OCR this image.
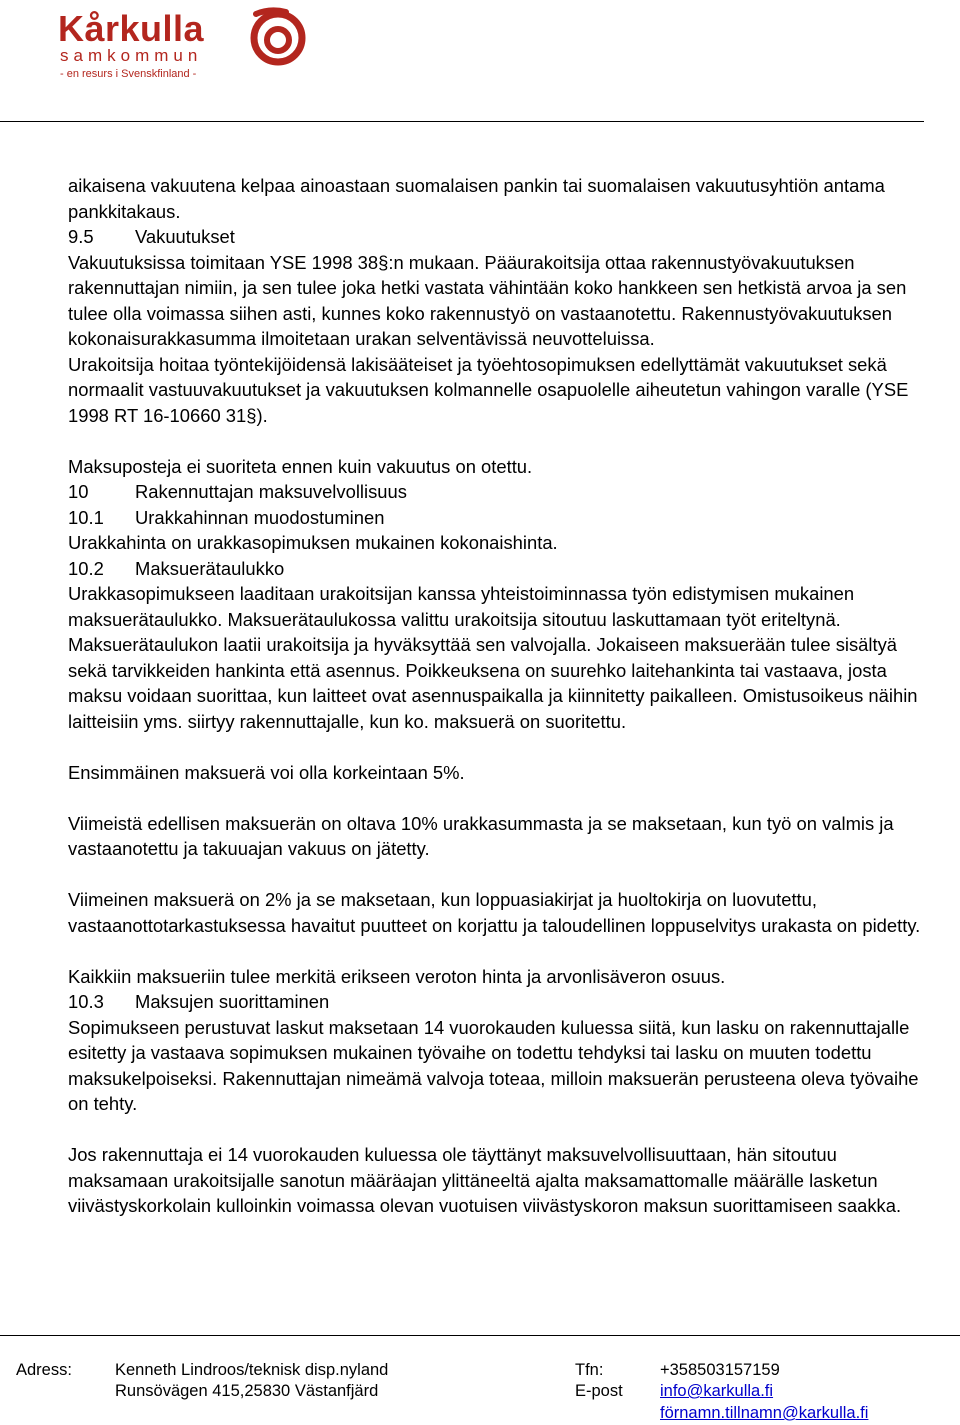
Kårkulla
samkommun
- en resurs i Svenskfinland -

aikaisena vakuutena kelpaa ainoastaan suomalaisen pankin tai suomalaisen vakuutusyhtiön antama pankkitakaus.

9.5 Vakuutukset

Vakuutuksissa toimitaan YSE 1998 38§:n mukaan. Pääurakoitsija ottaa rakennustyövakuutuksen rakennuttajan nimiin, ja sen tulee joka hetki vastata vähintään koko hankkeen sen hetkistä arvoa ja sen tulee olla voimassa siihen asti, kunnes koko rakennustyö on vastaanotettu. Rakennustyövakuutuksen kokonaisurakkasumma ilmoitetaan urakan selventävissä neuvotteluissa.

Urakoitsija hoitaa työntekijöidensä lakisääteiset ja työehtosopimuksen edellyttämät vakuutukset sekä normaalit vastuuvakuutukset ja vakuutuksen kolmannelle osapuolelle aiheutetun vahingon varalle (YSE 1998 RT 16-10660 31§).

Maksuposteja ei suoriteta ennen kuin vakuutus on otettu.

10	Rakennuttajan maksuvelvollisuus

10.1 Urakkahinnan muodostuminen

Urakkahinta on urakkasopimuksen mukainen kokonaishinta.

10.2 Maksuerätaulukko

Urakkasopimukseen laaditaan urakoitsijan kanssa yhteistoiminnassa työn edistymisen mukainen maksuerätaulukko. Maksuerätaulukossa valittu urakoitsija sitoutuu laskuttamaan työt eriteltynä. Maksuerätaulukon laatii urakoitsija ja hyväksyttää sen valvojalla. Jokaiseen maksuerään tulee sisältyä sekä tarvikkeiden hankinta että asennus. Poikkeuksena on suurehko laitehankinta tai vastaava, josta maksu voidaan suorittaa, kun laitteet ovat asennuspaikalla ja kiinnitetty paikalleen. Omistusoikeus näihin laitteisiin yms. siirtyy rakennuttajalle, kun ko. maksuerä on suoritettu.

Ensimmäinen maksuerä voi olla korkeintaan 5%.

Viimeistä edellisen maksuerän on oltava 10% urakkasummasta ja se maksetaan, kun työ on valmis ja vastaanotettu ja takuuajan vakuus on jätetty.

Viimeinen maksuerä on 2% ja se maksetaan, kun loppuasiakirjat ja huoltokirja on luovutettu, vastaanottotarkastuksessa havaitut puutteet on korjattu ja taloudellinen loppuselvitys urakasta on pidetty.

Kaikkiin maksueriin tulee merkitä erikseen veroton hinta ja arvonlisäveron osuus.

10.3 Maksujen suorittaminen

Sopimukseen perustuvat laskut maksetaan 14 vuorokauden kuluessa siitä, kun lasku on rakennuttajalle esitetty ja vastaava sopimuksen mukainen työvaihe on todettu tehdyksi tai lasku on muuten todettu maksukelpoiseksi. Rakennuttajan nimeämä valvoja toteaa, milloin maksuerän perusteena oleva työvaihe on tehty.

Jos rakennuttaja ei 14 vuorokauden kuluessa ole täyttänyt maksuvelvollisuuttaan, hän sitoutuu maksamaan urakoitsijalle sanotun määräajan ylittäneeltä ajalta maksamattomalle määrälle lasketun viivästyskorkolain kulloinkin voimassa olevan vuotuisen viivästyskoron maksun suorittamiseen saakka.

Adress:	Kenneth Lindroos/teknisk disp.nyland
Runsövägen 415,25830 Västanfjärd
Tfn:	+358503157159
E-post info@karkulla.fi
förnamn.tillnamn@karkulla.fi
